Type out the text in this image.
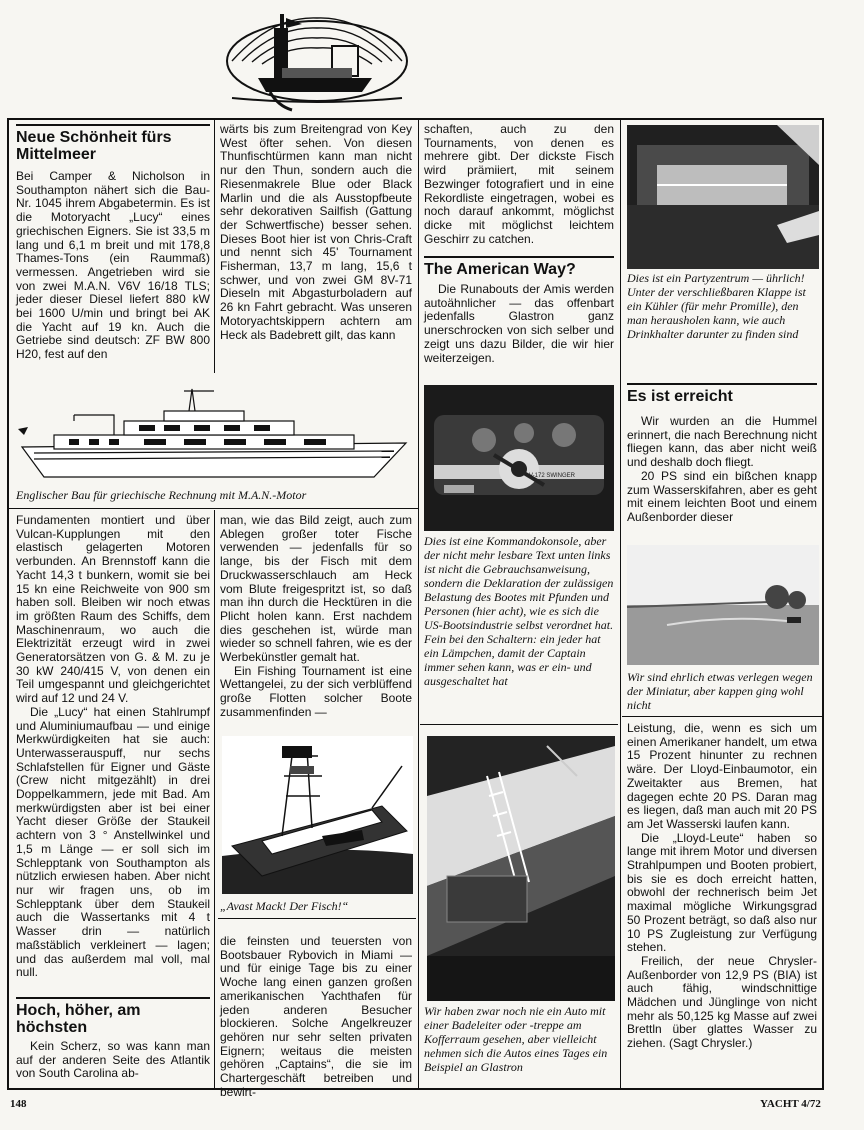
Neue Schönheit fürs Mittelmeer

Bei Camper & Nicholson in Southampton nähert sich die Bau-Nr. 1045 ihrem Abgabetermin. Es ist die Motoryacht „Lucy“ eines griechischen Eigners. Sie ist 33,5 m lang und 6,1 m breit und mit 178,8 Thames-Tons (ein Raummaß) vermessen. Angetrieben wird sie von zwei M.A.N. V6V 16/18 TLS; jeder dieser Diesel liefert 880 kW bei 1600 U/min und bringt bei AK die Yacht auf 19 kn. Auch die Getriebe sind deutsch: ZF BW 800 H20, fest auf den

wärts bis zum Breitengrad von Key West öfter sehen. Von diesen Thunfischtürmen kann man nicht nur den Thun, sondern auch die Riesenmakrele Blue oder Black Marlin und die als Ausstopfbeute sehr dekorativen Sailfish (Gattung der Schwertfische) besser sehen. Dieses Boot hier ist von Chris-Craft und nennt sich 45' Tournament Fisherman, 13,7 m lang, 15,6 t schwer, und von zwei GM 8V-71 Dieseln mit Abgasturboladern auf 26 kn Fahrt gebracht. Was unseren Motoryachtskippern achtern am Heck als Badebrett gilt, das kann

schaften, auch zu den Tournaments, von denen es mehrere gibt. Der dickste Fisch wird prämiiert, mit seinem Bezwinger fotografiert und in eine Rekordliste eingetragen, wobei es noch darauf ankommt, möglichst dicke mit möglichst leichtem Geschirr zu catchen.

The American Way?

Die Runabouts der Amis werden autoähnlicher — das offenbart jedenfalls Glastron ganz unerschrocken von sich selber und zeigt uns dazu Bilder, die wir hier weiterzeigen.

Englischer Bau für griechische Rechnung mit M.A.N.-Motor

Fundamenten montiert und über Vulcan-Kupplungen mit den elastisch gelagerten Motoren verbunden. An Brennstoff kann die Yacht 14,3 t bunkern, womit sie bei 15 kn eine Reichweite von 900 sm haben soll. Bleiben wir noch etwas im größten Raum des Schiffs, dem Maschinenraum, wo auch die Elektrizität erzeugt wird in zwei Generatorsätzen von G. & M. zu je 30 kW 240/415 V, von denen ein Teil umgespannt und gleichgerichtet wird auf 12 und 24 V.

Die „Lucy“ hat einen Stahlrumpf und Aluminiumaufbau — und einige Merkwürdigkeiten hat sie auch: Unterwasserauspuff, nur sechs Schlafstellen für Eigner und Gäste (Crew nicht mitgezählt) in drei Doppelkammern, jede mit Bad. Am merkwürdigsten aber ist bei einer Yacht dieser Größe der Staukeil achtern von 3 ° Anstellwinkel und 1,5 m Länge — er soll sich im Schlepptank von Southampton als nützlich erwiesen haben. Aber nicht nur wir fragen uns, ob im Schlepptank über dem Staukeil auch die Wassertanks mit 4 t Wasser drin — natürlich maßstäblich verkleinert — lagen; und das außerdem mal voll, mal null.

Hoch, höher, am höchsten

Kein Scherz, so was kann man auf der anderen Seite des Atlantik von South Carolina ab-

man, wie das Bild zeigt, auch zum Ablegen großer toter Fische verwenden — jedenfalls für so lange, bis der Fisch mit dem Druckwasserschlauch am Heck vom Blute freigespritzt ist, so daß man ihn durch die Hecktüren in die Plicht holen kann. Erst nachdem dies geschehen ist, würde man wieder so schnell fahren, wie es der Werbekünstler gemalt hat.

Ein Fishing Tournament ist eine Wettangelei, zu der sich verblüffend große Flotten solcher Boote zusammenfinden —

„Avast Mack! Der Fisch!“

die feinsten und teuersten von Bootsbauer Rybovich in Miami — und für einige Tage bis zu einer Woche lang einen ganzen großen amerikanischen Yachthafen für jeden anderen Besucher blockieren. Solche Angelkreuzer gehören nur sehr selten privaten Eignern; weitaus die meisten gehören „Captains“, die sie im Chartergeschäft betreiben und bewirt-

V-172 SWINGER
Dies ist eine Kommandokonsole, aber der nicht mehr lesbare Text unten links ist nicht die Gebrauchsanweisung, sondern die Deklaration der zulässigen Belastung des Bootes mit Pfunden und Personen (hier acht), wie es sich die US-Bootsindustrie selbst verordnet hat. Fein bei den Schaltern: ein jeder hat ein Lämpchen, damit der Captain immer sehen kann, was er ein- und ausgeschaltet hat
Wir haben zwar noch nie ein Auto mit einer Badeleiter oder -treppe am Kofferraum gesehen, aber vielleicht nehmen sich die Autos eines Tages ein Beispiel an Glastron
Dies ist ein Partyzentrum — ührlich! Unter der verschließbaren Klappe ist ein Kühler (für mehr Promille), den man herausholen kann, wie auch Drinkhalter darunter zu finden sind
Es ist erreicht

Wir wurden an die Hummel erinnert, die nach Berechnung nicht fliegen kann, das aber nicht weiß und deshalb doch fliegt.

20 PS sind ein bißchen knapp zum Wasserskifahren, aber es geht mit einem leichten Boot und einem Außenborder dieser

Wir sind ehrlich etwas verlegen wegen der Miniatur, aber kappen ging wohl nicht

Leistung, die, wenn es sich um einen Amerikaner handelt, um etwa 15 Prozent hinunter zu rechnen wäre. Der Lloyd-Einbaumotor, ein Zweitakter aus Bremen, hat dagegen echte 20 PS. Daran mag es liegen, daß man auch mit 20 PS am Jet Wasserski laufen kann.

Die „Lloyd-Leute“ haben so lange mit ihrem Motor und diversen Strahlpumpen und Booten probiert, bis sie es doch erreicht hatten, obwohl der rechnerisch beim Jet maximal mögliche Wirkungsgrad 50 Prozent beträgt, so daß also nur 10 PS Zugleistung zur Verfügung stehen.

Freilich, der neue Chrysler-Außenborder von 12,9 PS (BIA) ist auch fähig, windschnittige Mädchen und Jünglinge von nicht mehr als 50,125 kg Masse auf zwei Brettln über glattes Wasser zu ziehen. (Sagt Chrysler.)

148	YACHT 4/72
